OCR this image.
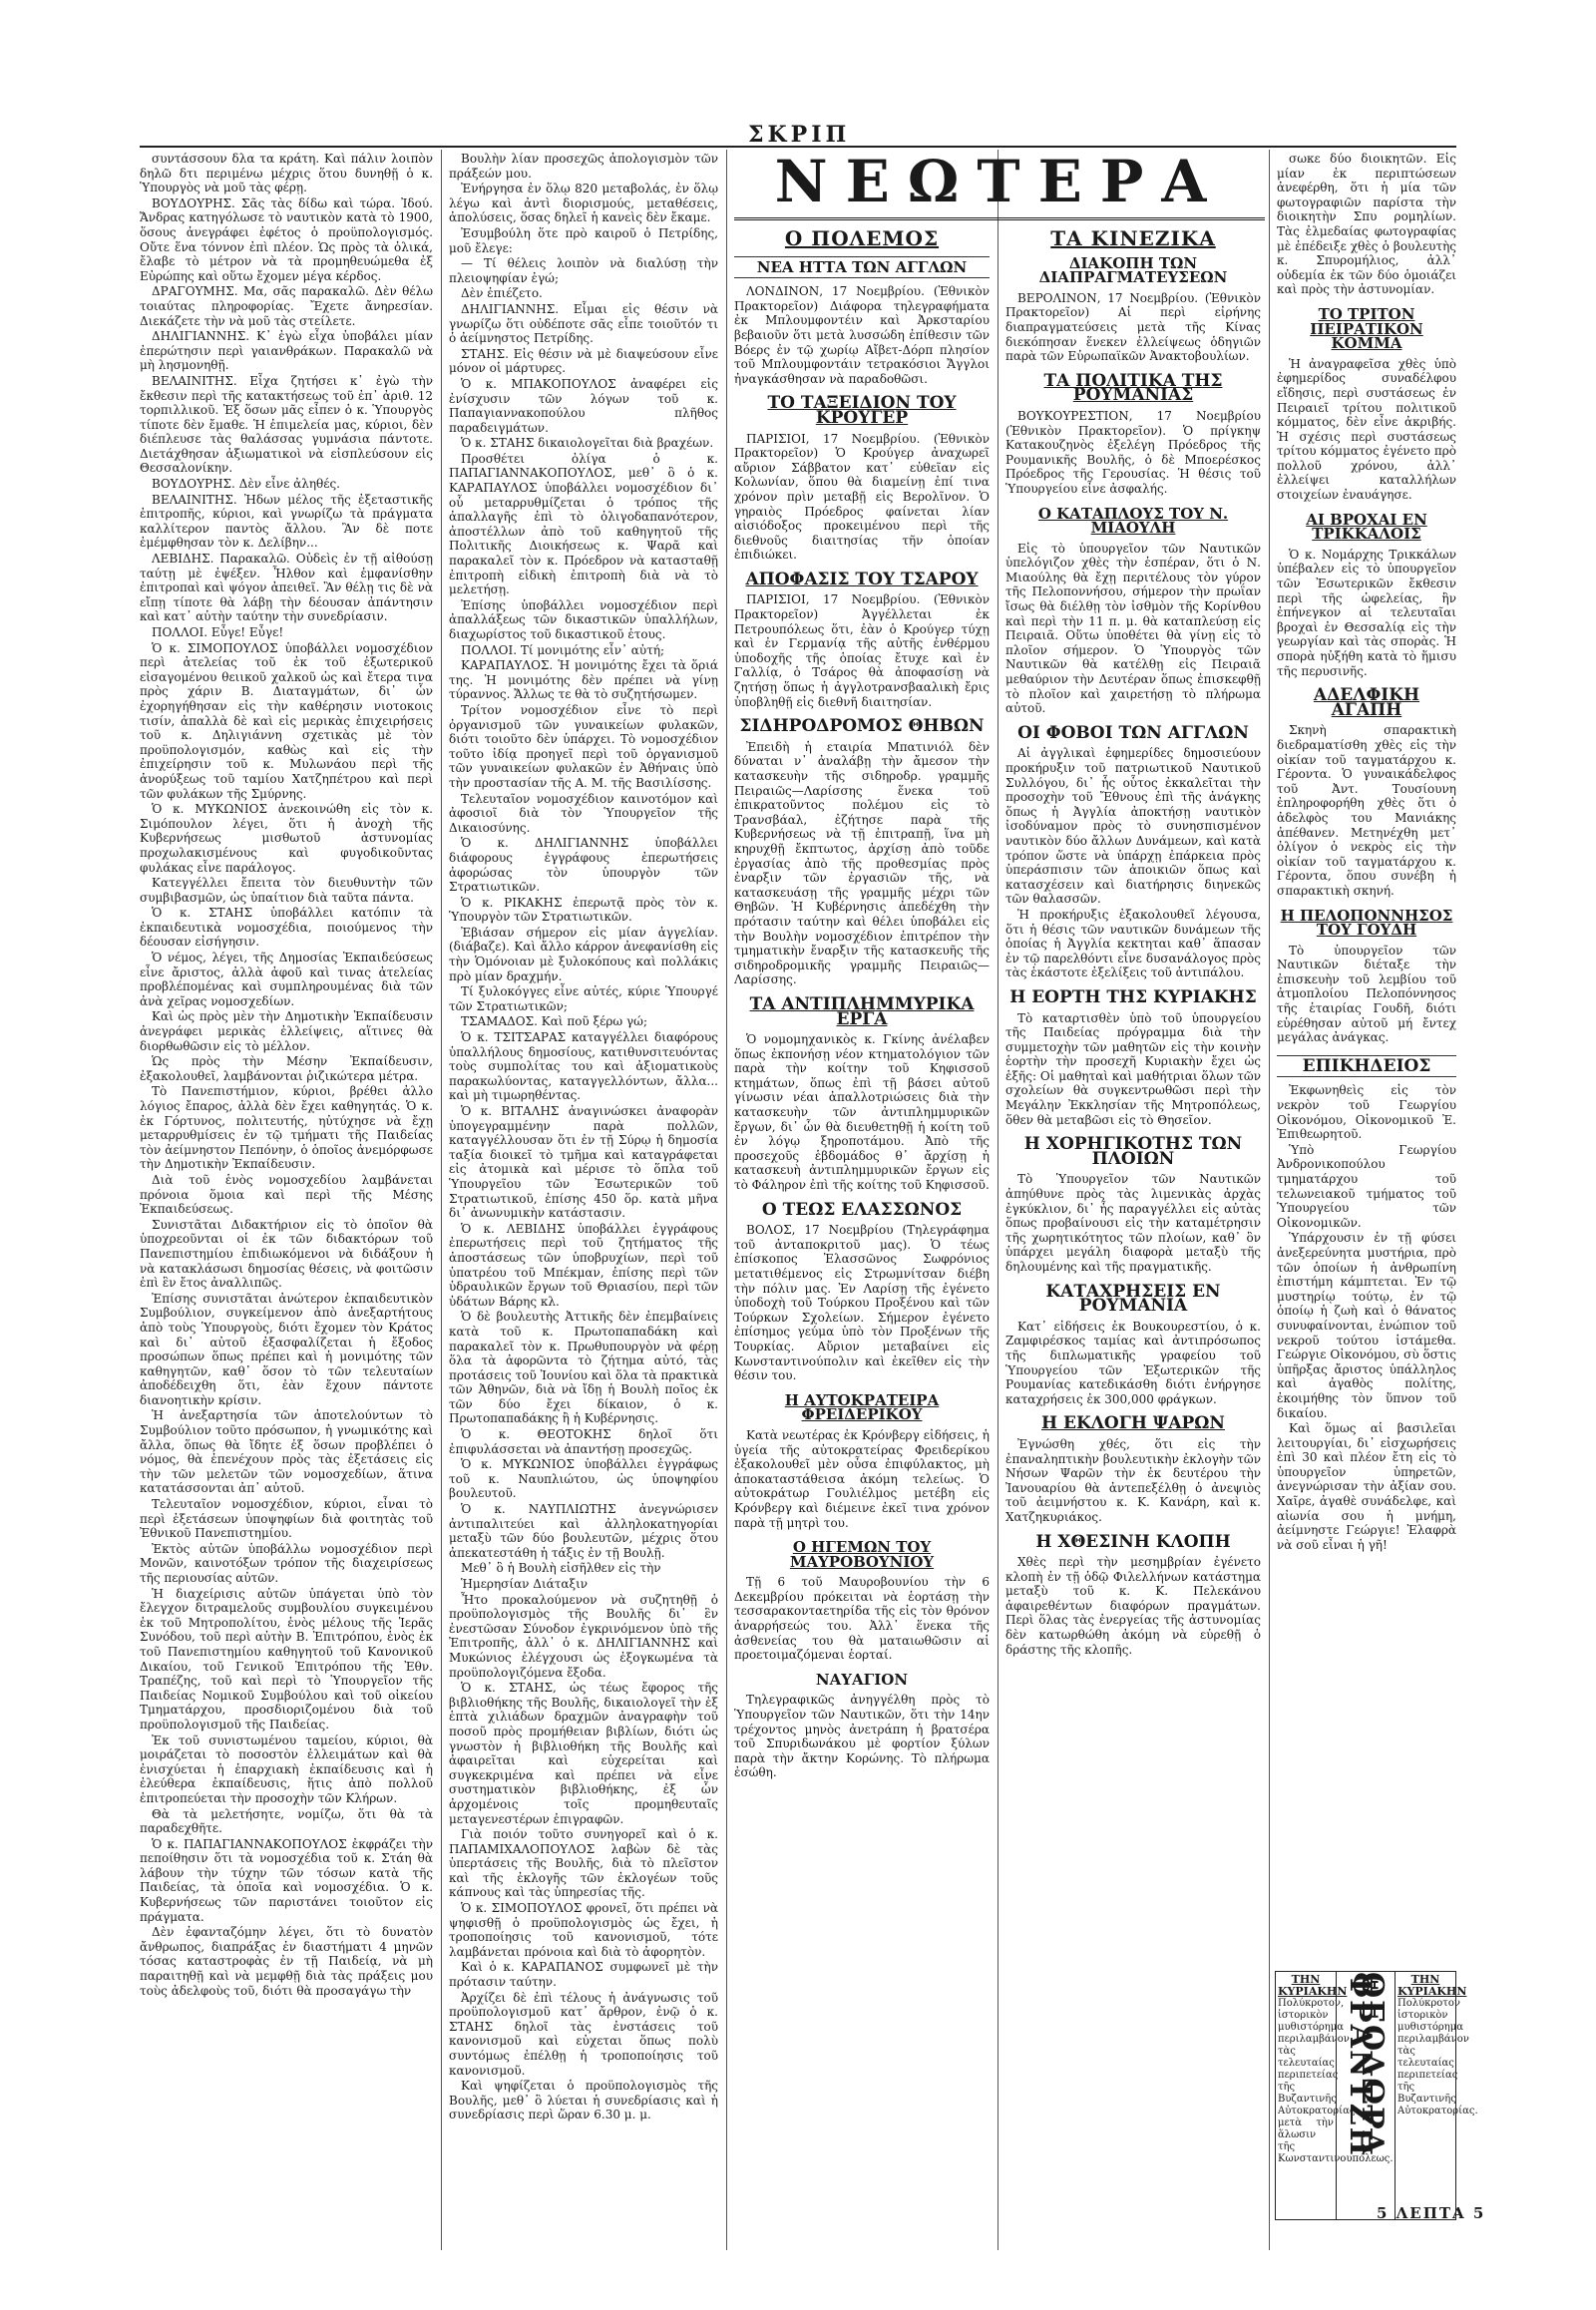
ΣΚΡΙΠ

συντάσσουν δλα τα κράτη. Καὶ πάλιν λοιπὸν δηλῶ δτι περιμένω μέχρις ὅτου δυνηθῇ ὁ κ. Ὑπουργὸς νὰ μοῦ τὰς φέρῃ.

ΒΟΥΔΟΥΡΗΣ. Σᾶς τὰς δίδω καὶ τώρα. Ἰδού. Ἄνδρας κατηγόλωσε τὸ ναυτικὸν κατὰ τὸ 1900, ὅσους ἀνεγράφει ἐφέτος ὁ προϋπολογισμός. Οὔτε ἕνα τόννον ἐπὶ πλέον. Ὡς πρὸς τὰ ὀλικά, ἔλαβε τὸ μέτρον νὰ τὰ προμηθευώμεθα ἐξ Εὐρώπης καὶ οὕτω ἔχομεν μέγα κέρδος.

ΔΡΑΓΟΥΜΗΣ. Μα, σᾶς παρακαλῶ. Δὲν θέλω τοιαύτας πληροφορίας. Ἔχετε ἄνηρεσίαν. Διεκάζετε τὴν νὰ μοῦ τὰς στείλετε.

ΔΗΛΙΓΙΑΝΝΗΣ. Κ᾽ ἐγὼ εἶχα ὑποβάλει μίαν ἐπερώτησιν περὶ γαιανθράκων. Παρακαλῶ νὰ μὴ λησμονηθῇ.

ΒΕΛΑΙΝΙΤΗΣ. Εἶχα ζητήσει κ᾽ ἐγὼ τὴν ἔκθεσιν περὶ τῆς κατακτήσεως τοῦ ἐπ᾽ ἀριθ. 12 τορπιλλικοῦ. Ἐξ ὅσων μᾶς εἶπεν ὁ κ. Ὑπουργὸς τίποτε δὲν ἔμαθε. Ἡ ἐπιμελεία μας, κύριοι, δὲν διέπλευσε τὰς θαλάσσας γυμνάσια πάντοτε. Διετάχθησαν ἀξιωματικοὶ νὰ εἰσπλεύσουν εἰς Θεσσαλονίκην.

ΒΟΥΔΟΥΡΗΣ. Δὲν εἶνε ἀληθές.

ΒΕΛΑΙΝΙΤΗΣ. Ἠδων μέλος τῆς ἐξεταστικῆς ἐπιτροπῆς, κύριοι, καὶ γνωρίζω τὰ πράγματα καλλίτερον παντὸς ἄλλου. Ἂν δὲ ποτε ἐμέμφθησαν τὸν κ. Δελίβην...

ΛΕΒΙΔΗΣ. Παρακαλῶ. Οὐδεὶς ἐν τῇ αἰθούσῃ ταύτῃ μὲ ἐψέξεν. Ἦλθον καὶ ἐμφανίσθην ἐπιτροπαὶ καὶ ψόγον ἀπειθεῖ. Ἂν θέλῃ τις δὲ νὰ εἴπῃ τίποτε θὰ λάβῃ τὴν δέουσαν ἀπάντησιν καὶ κατ᾽ αὐτὴν ταύτην τὴν συνεδρίασιν.

ΠΟΛΛΟΙ. Εὖγε! Εὖγε!

Ὁ κ. ΣΙΜΟΠΟΥΛΟΣ ὑποβάλλει νομοσχέδιον περὶ ἀτελείας τοῦ ἐκ τοῦ ἐξωτερικοῦ εἰσαγομένου θειικοῦ χαλκοῦ ὡς καὶ ἔτερα τινα πρὸς χάριν Β. Διαταγμάτων, δι᾽ ὧν ἐχορηγήθησαν εἰς τὴν καθέρησιν νιοτοκοις τισίν, ἀπαλλὰ δὲ καὶ εἰς μερικὰς ἐπιχειρήσεις τοῦ κ. Δηλιγιάννη σχετικὰς μὲ τὸν προϋπολογισμόν, καθὼς καὶ εἰς τὴν ἐπιχείρησιν τοῦ κ. Μυλωνάου περὶ τῆς ἀνορύξεως τοῦ ταμίου Χατζηπέτρου καὶ περὶ τῶν φυλάκων τῆς Σμύρνης.

Ὁ κ. ΜΥΚΩΝΙΟΣ ἀνεκοινώθη εἰς τὸν κ. Σιμόπουλον λέγει, ὅτι ἡ ἀνοχὴ τῆς Κυβερνήσεως μισθωτοῦ ἀστυνομίας προχωλακισμένους καὶ φυγοδικοῦντας φυλάκας εἶνε παράλογος.

Κατεγγέλλει ἔπειτα τὸν διευθυντὴν τῶν συμβιβασμῶν, ὡς ὑπαίτιον διὰ ταῦτα πάντα.

Ὁ κ. ΣΤΑΗΣ ὑποβάλλει κατόπιν τὰ ἐκπαιδευτικὰ νομοσχέδια, ποιούμενος τὴν δέουσαν εἰσήγησιν.

Ὁ νέμος, λέγει, τῆς Δημοσίας Ἐκπαιδεύσεως εἶνε ἄριστος, ἀλλὰ ἀφοῦ καὶ τινας ἀτελείας προβλέπομένας καὶ συμπληρουμένας διὰ τῶν ἀνὰ χεῖρας νομοσχεδίων.

Καὶ ὡς πρὸς μὲν τὴν Δημοτικὴν Ἐκπαίδευσιν ἀνεγράφει μερικὰς ἐλλείψεις, αἵτινες θὰ διορθωθῶσιν εἰς τὸ μέλλον.

Ὡς πρὸς τὴν Μέσην Ἐκπαίδευσιν, ἐξακολουθεῖ, λαμβάνονται ῥιζικώτερα μέτρα.

Τὸ Πανεπιστήμιον, κύριοι, βρέθει ἀλλο λόγιος ἔπαρος, ἀλλὰ δὲν ἔχει καθηγητάς. Ὁ κ. ἐκ Γόρτυνος, πολιτευτής, ηὐτύχησε νὰ ἔχῃ μεταρρυθμίσεις ἐν τῷ τμήματι τῆς Παιδείας τὸν ἀείμνηστον Πεπόνην, ὁ ὁποῖος ἀνεμόρφωσε τὴν Δημοτικὴν Ἐκπαίδευσιν.

Διὰ τοῦ ἑνὸς νομοσχεδίου λαμβάνεται πρόνοια ὅμοια καὶ περὶ τῆς Μέσης Ἐκπαιδεύσεως.

Συνιστᾶται Διδακτήριον εἰς τὸ ὁποῖον θὰ ὑποχρεοῦνται οἱ ἐκ τῶν διδακτόρων τοῦ Πανεπιστημίου ἐπιδιωκόμενοι νὰ διδάξουν ἡ νὰ κατακλάσωσι δημοσίας θέσεις, νὰ φοιτῶσιν ἐπὶ ἓν ἔτος ἀναλλιπῶς.

Ἐπίσης συνιστᾶται ἀνώτερον ἐκπαιδευτικὸν Συμβούλιον, συγκείμενον ἀπὸ ἀνεξαρτήτους ἀπὸ τοὺς Ὑπουργοὺς, διότι ἔχομεν τὸν Κράτος καὶ δι᾽ αὐτοῦ ἐξασφαλίζεται ἡ ἔξοδος προσώπων ὅπως πρέπει καὶ ἡ μονιμότης τῶν καθηγητῶν, καθ᾽ ὅσον τὸ τῶν τελευταίων ἀποδέδειχθη ὅτι, ἐὰν ἔχουν πάντοτε διανοητικὴν κρίσιν.

Ἡ ἀνεξαρτησία τῶν ἀποτελούντων τὸ Συμβούλιον τοῦτο πρόσωπον, ἡ γνωμικότης καὶ ἄλλα, ὅπως θὰ ἴδητε ἐξ ὅσων προβλέπει ὁ νόμος, θὰ ἐπενέχουν πρὸς τὰς ἐξετάσεις εἰς τὴν τῶν μελετῶν τῶν νομοσχεδίων, ἅτινα κατατάσσονται ἀπ᾽ αὐτοῦ.

Τελευταῖον νομοσχέδιον, κύριοι, εἶναι τὸ περὶ ἐξετάσεων ὑποψηφίων διὰ φοιτητὰς τοῦ Ἐθνικοῦ Πανεπιστημίου.

Ἐκτὸς αὐτῶν ὑποβάλλω νομοσχέδιον περὶ Μονῶν, καινοτόξων τρόπον τῆς διαχειρίσεως τῆς περιουσίας αὐτῶν.

Ἡ διαχείρισις αὐτῶν ὑπάγεται ὑπὸ τὸν ἔλεγχον διτραμελοῦς συμβουλίου συγκειμένου ἐκ τοῦ Μητροπολίτου, ἑνὸς μέλους τῆς Ἱερᾶς Συνόδου, τοῦ περὶ αὐτὴν Β. Ἐπιτρόπου, ἑνὸς ἐκ τοῦ Πανεπιστημίου καθηγητοῦ τοῦ Κανονικοῦ Δικαίου, τοῦ Γενικοῦ Ἐπιτρόπου τῆς Ἐθν. Τραπέζης, τοῦ καὶ περὶ τὸ Ὑπουργεῖον τῆς Παιδείας Νομικοῦ Συμβούλου καὶ τοῦ οἰκείου Τμηματάρχου, προσδιοριζομένου διὰ τοῦ προϋπολογισμοῦ τῆς Παιδείας.

Ἐκ τοῦ συνιστωμένου ταμείου, κύριοι, θὰ μοιράζεται τὸ ποσοστὸν ἐλλειμάτων καὶ θὰ ἐνισχύεται ἡ ἐπαρχιακὴ ἐκπαίδευσις καὶ ἡ ἐλεύθερα ἐκπαίδευσις, ἥτις ἀπὸ πολλοῦ ἐπιτροπεύεται τὴν προσοχὴν τῶν Κλήρων.

Θὰ τὰ μελετήσητε, νομίζω, ὅτι θὰ τὰ παραδεχθῆτε.

Ὁ κ. ΠΑΠΑΓΙΑΝΝΑΚΟΠΟΥΛΟΣ ἐκφράζει τὴν πεποίθησιν ὅτι τὰ νομοσχέδια τοῦ κ. Στάη θὰ λάβουν τὴν τύχην τῶν τόσων κατὰ τῆς Παιδείας, τὰ ὁποῖα καὶ νομοσχέδια. Ὁ κ. Κυβερνήσεως τῶν παριστάνει τοιοῦτον εἰς πράγματα.

Δὲν ἐφανταζόμην λέγει, ὅτι τὸ δυνατὸν ἄνθρωπος, διαπράξας ἐν διαστήματι 4 μηνῶν τόσας καταστροφὰς ἐν τῇ Παιδείᾳ, νὰ μὴ παραιτηθῇ καὶ νὰ μεμφθῇ διὰ τὰς πράξεις μου τοὺς ἀδελφοὺς τοῦ, διότι θὰ προσαγάγω τὴν

Βουλὴν λίαν προσεχῶς ἀπολογισμὸν τῶν πράξεών μου.

Ἐνήργησα ἐν ὅλῳ 820 μεταβολάς, ἐν ὅλῳ λέγω καὶ ἀντὶ διορισμούς, μεταθέσεις, ἀπολύσεις, ὅσας δηλεῖ ἡ κανεὶς δὲν ἔκαμε.

Ἐσυμβούλη ὅτε πρὸ καιροῦ ὁ Πετρίδης, μοῦ ἔλεγε:

— Τί θέλεις λοιπὸν νὰ διαλύσῃ τὴν πλειοψηφίαν ἐγώ;

Δὲν ἐπιέζετο.

ΔΗΛΙΓΙΑΝΝΗΣ. Εἶμαι εἰς θέσιν νὰ γνωρίζω ὅτι οὐδέποτε σᾶς εἶπε τοιοῦτόν τι ὁ ἀείμνηστος Πετρίδης.

ΣΤΑΗΣ. Εἰς θέσιν νὰ μὲ διαψεύσουν εἶνε μόνον οἱ μάρτυρες.

Ὁ κ. ΜΠΑΚΟΠΟΥΛΟΣ ἀναφέρει εἰς ἐνίσχυσιν τῶν λόγων τοῦ κ. Παπαγιαννακοπούλου πλῆθος παραδειγμάτων.

Ὁ κ. ΣΤΑΗΣ δικαιολογεῖται διὰ βραχέων.

Προσθέτει ὀλίγα ὁ κ. ΠΑΠΑΓΙΑΝΝΑΚΟΠΟΥΛΟΣ, μεθ᾽ ὃ ὁ κ. ΚΑΡΑΠΑΥΛΟΣ ὑποβάλλει νομοσχέδιον δι᾽ οὗ μεταρρυθμίζεται ὁ τρόπος τῆς ἀπαλλαγῆς ἐπὶ τὸ ὀλιγοδαπανότερον, ἀποστέλλων ἀπὸ τοῦ καθηγητοῦ τῆς Πολιτικῆς Διοικήσεως κ. Ψαρᾶ καὶ παρακαλεῖ τὸν κ. Πρόεδρον νὰ κατασταθῇ ἐπιτροπὴ εἰδικὴ ἐπιτροπὴ διὰ νὰ τὸ μελετήσῃ.

Ἐπίσης ὑποβάλλει νομοσχέδιον περὶ ἀπαλλάξεως τῶν δικαστικῶν ὑπαλλήλων, διαχωρίστος τοῦ δικαστικοῦ ἐτους.

ΠΟΛΛΟΙ. Τί μονιμότης εἶν᾽ αὐτή;

ΚΑΡΑΠΑΥΛΟΣ. Ἡ μονιμότης ἔχει τὰ ὅριά της. Ἡ μονιμότης δὲν πρέπει νὰ γίνῃ τύραννος. Ἄλλως τε θὰ τὸ συζητήσωμεν.

Τρίτον νομοσχέδιον εἶνε τὸ περὶ ὀργανισμοῦ τῶν γυναικείων φυλακῶν, διότι τοιοῦτο δὲν ὑπάρχει. Τὸ νομοσχέδιον τοῦτο ἰδίᾳ προηγεῖ περὶ τοῦ ὀργανισμοῦ τῶν γυναικείων φυλακῶν ἐν Ἀθήναις ὑπὸ τὴν προστασίαν τῆς Α. Μ. τῆς Βασιλίσσης.

Τελευταῖον νομοσχέδιον καινοτόμον καὶ ἀφοσιοῖ διὰ τὸν Ὑπουργεῖον τῆς Δικαιοσύνης.

Ὁ κ. ΔΗΛΙΓΙΑΝΝΗΣ ὑποβάλλει διάφορους ἐγγράφους ἐπερωτήσεις ἀφορώσας τὸν ὑπουργὸν τῶν Στρατιωτικῶν.

Ὁ κ. ΡΙΚΑΚΗΣ ἐπερωτᾷ πρὸς τὸν κ. Ὑπουργὸν τῶν Στρατιωτικῶν.

Ἐβιάσαν σήμερον εἰς μίαν ἀγγελίαν. (διάβαζε). Καὶ ἄλλο κάρρον ἀνεφανίσθη εἰς τὴν Ὁμόνοιαν μὲ ξυλοκόπους καὶ πολλάκις πρὸ μίαν δραχμήν.

Τί ξυλοκόγγες εἶνε αὐτές, κύριε Ὑπουργέ τῶν Στρατιωτικῶν;

ΤΣΑΜΑΔΟΣ. Καὶ ποῦ ξέρω γώ;

Ὁ κ. ΤΣΙΤΣΑΡΑΣ καταγγέλλει διαφόρους ὑπαλλήλους δημοσίους, κατιθυνσιτευόντας τοὺς συμπολίτας του καὶ ἀξιοματικοὺς παρακωλύοντας, καταγγελλόντων, ἄλλα... καὶ μὴ τιμωρηθέντας.

Ὁ κ. ΒΙΤΑΛΗΣ ἀναγινώσκει ἀναφορὰν ὑπογεγραμμένην παρὰ πολλῶν, καταγγέλλουσαν ὅτι ἐν τῇ Σύρῳ ἡ δημοσία ταξία διοικεῖ τὸ τμῆμα καὶ καταγράφεται εἰς ἀτομικὰ καὶ μέρισε τὸ ὅπλα τοῦ Ὑπουργεῖου τῶν Ἐσωτερικῶν τοῦ Στρατιωτικοῦ, ἐπίσης 450 ὅρ. κατὰ μῆνα δι᾽ ἀνωνυμικὴν κατάστασιν.

Ὁ κ. ΛΕΒΙΔΗΣ ὑποβάλλει ἐγγράφους ἐπερωτήσεις περὶ τοῦ ζητήματος τῆς ἀποστάσεως τῶν ὑποβρυχίων, περὶ τοῦ ὑπατρέου τοῦ Μπέκμαν, ἐπίσης περὶ τῶν ὑδραυλικῶν ἔργων τοῦ Θριασίου, περὶ τῶν ὑδάτων Βάρης κλ.

Ὁ δὲ βουλευτὴς Ἀττικῆς δὲν ἐπεμβαίνεις κατὰ τοῦ κ. Πρωτοπαπαδάκη καὶ παρακαλεῖ τὸν κ. Πρωθυπουργὸν νὰ φέρῃ ὅλα τὰ ἀφορῶντα τὸ ζήτημα αὐτό, τὰς προτάσεις τοῦ Ἰουνίου καὶ ὅλα τὰ πρακτικὰ τῶν Ἀθηνῶν, διὰ νὰ ἴδῃ ἡ Βουλὴ ποῖος ἐκ τῶν δύο ἔχει δίκαιον, ὁ κ. Πρωτοπαπαδάκης ἢ ἡ Κυβέρνησις.

Ὁ κ. ΘΕΟΤΟΚΗΣ δηλοῖ ὅτι ἐπιφυλάσσεται νὰ ἀπαντήσῃ προσεχῶς.

Ὁ κ. ΜΥΚΩΝΙΟΣ ὑποβάλλει ἐγγράφως τοῦ κ. Ναυπλιώτου, ὡς ὑποψηφίου βουλευτοῦ.

Ὁ κ. ΝΑΥΠΛΙΩΤΗΣ ἀνεγνώρισεν ἀντιπαλιτεύει καὶ ἀλληλοκατηγορίαι μεταξὺ τῶν δύο βουλευτῶν, μέχρις ὅτου ἀπεκατεστάθη ἡ τάξις ἐν τῇ Βουλῇ.

Μεθ᾽ ὃ ἡ Βουλὴ εἰσῆλθεν εἰς τὴν

Ἡμερησίαν Διάταξιν

Ἦτο προκαλούμενον νὰ συζητηθῇ ὁ προϋπολογισμὸς τῆς Βουλῆς δι᾽ ἓν ἐνεστῶσαν Σύνοδον ἐγκρινόμενον ὑπὸ τῆς Ἐπιτροπῆς, ἀλλ᾽ ὁ κ. ΔΗΛΙΓΙΑΝΝΗΣ καὶ Μυκώνιος ἐλέγχουσι ὡς ἐξογκωμένα τὰ προϋπολογιζόμενα ἔξοδα.

Ὁ κ. ΣΤΑΗΣ, ὡς τέως ἔφορος τῆς βιβλιοθήκης τῆς Βουλῆς, δικαιολογεῖ τὴν ἐξ ἑπτὰ χιλιάδων δραχμῶν ἀναγραφὴν τοῦ ποσοῦ πρὸς προμήθειαν βιβλίων, διότι ὡς γνωστὸν ἡ βιβλιοθήκη τῆς Βουλῆς καὶ ἀφαιρεῖται καὶ εὑχερείται καὶ συγκεκριμένα καὶ πρέπει νὰ εἶνε συστηματικὸν βιβλιοθήκης, ἐξ ὧν ἀρχομένοις τοῖς προμηθευταῖς μεταγενεστέρων ἐπιγραφῶν.

Γιὰ ποιόν τοῦτο συνηγορεῖ καὶ ὁ κ. ΠΑΠΑΜΙΧΑΛΟΠΟΥΛΟΣ λαβὼν δὲ τὰς ὑπερτάσεις τῆς Βουλῆς, διὰ τὸ πλεῖστον καὶ τῆς ἐκλογῆς τῶν ἐκλογέων τοῦς κάπνους καὶ τὰς ὑπηρεσίας τῆς.

Ὁ κ. ΣΙΜΟΠΟΥΛΟΣ φρονεῖ, ὅτι πρέπει νὰ ψηφισθῇ ὁ προϋπολογισμὸς ὡς ἔχει, ἡ τροποποίησις τοῦ κανονισμοῦ, τότε λαμβάνεται πρόνοια καὶ διὰ τὸ ἀφορητὸν.

Καὶ ὁ κ. ΚΑΡΑΠΑΝΟΣ συμφωνεῖ μὲ τὴν πρότασιν ταύτην.

Ἀρχίζει δὲ ἐπὶ τέλους ἡ ἀνάγνωσις τοῦ προϋπολογισμοῦ κατ᾽ ἄρθρον, ἐνῷ ὁ κ. ΣΤΑΗΣ δηλοῖ τὰς ἐνστάσεις τοῦ κανονισμοῦ καὶ εὐχεται ὅπως πολὺ συντόμως ἐπέλθῃ ἡ τροποποίησις τοῦ κανονισμοῦ.

Καὶ ψηφίζεται ὁ προϋπολογισμὸς τῆς Βουλῆς, μεθ᾽ ὃ λύεται ἡ συνεδρίασις καὶ ἡ συνεδρίασις περὶ ὥραν 6.30 μ. μ.

ΝΕΩΤΕΡΑ
Ο ΠΟΛΕΜΟΣ
ΝΕΑ ΗΤΤΑ ΤΩΝ ΑΓΓΛΩΝ

ΛΟΝΔΙΝΟΝ, 17 Νοεμβρίου. (Ἐθνικὸν Πρακτορεῖον) Διάφορα τηλεγραφήματα ἐκ Μπλουμφοντέιν καὶ Ἀρκσταρίου βεβαιοῦν ὅτι μετὰ λυσσώδη ἐπίθεσιν τῶν Βόερς ἐν τῷ χωρίῳ Αἴβετ-Δόρπ πλησίον τοῦ Μπλουμφοντάιν τετρακόσιοι Ἄγγλοι ἠναγκάσθησαν νὰ παραδοθῶσι.

ΤΟ ΤΑΞΕΙΔΙΟΝ ΤΟΥ ΚΡΟΥΓΕΡ

ΠΑΡΙΣΙΟΙ, 17 Νοεμβρίου. (Ἐθνικὸν Πρακτορεῖον) Ὁ Κρούγερ ἀναχωρεῖ αὔριον Σάββατον κατ᾽ εὐθεῖαν εἰς Κολωνίαν, ὅπου θὰ διαμείνῃ ἐπί τινα χρόνον πρὶν μεταβῇ εἰς Βερολῖνον. Ὁ γηραιὸς Πρόεδρος φαίνεται λίαν αἰσιόδοξος προκειμένου περὶ τῆς διεθνοῦς διαιτησίας τῆν ὁποίαν ἐπιδιώκει.

ΑΠΟΦΑΣΙΣ ΤΟΥ ΤΣΑΡΟΥ

ΠΑΡΙΣΙΟΙ, 17 Νοεμβρίου. (Ἐθνικὸν Πρακτορεῖον) Ἀγγέλλεται ἐκ Πετρουπόλεως ὅτι, ἐὰν ὁ Κρούγερ τύχῃ καὶ ἐν Γερμανίᾳ τῆς αὐτῆς ἐνθέρμου ὑποδοχῆς τῆς ὁποίας ἔτυχε καὶ ἐν Γαλλίᾳ, ὁ Τσάρος θὰ ἀποφασίσῃ νὰ ζητήσῃ ὅπως ἡ ἀγγλοτρανσβααλικὴ ἔρις ὑποβληθῇ εἰς διεθνῆ διαιτησίαν.

ΣΙΔΗΡΟΔΡΟΜΟΣ ΘΗΒΩΝ

Ἐπειδὴ ἡ εταιρία Μπατινιόλ δὲν δύναται ν᾽ ἀναλάβῃ τὴν ἄμεσον τὴν κατασκευὴν τῆς σιδηροδρ. γραμμῆς Πειραιῶς—Λαρίσσης ἕνεκα τοῦ ἐπικρατοῦντος πολέμου εἰς τὸ Τρανσβάαλ, ἐζήτησε παρὰ τῆς Κυβερνήσεως νὰ τῇ ἐπιτραπῇ, ἵνα μὴ κηρυχθῇ ἔκπτωτος, ἀρχίσῃ ἀπὸ τοῦδε ἐργασίας ἀπὸ τῆς προθεσμίας πρὸς ἐναρξιν τῶν ἐργασιῶν τῆς, νὰ κατασκευάσῃ τῆς γραμμῆς μέχρι τῶν Θηβῶν. Ἡ Κυβέρνησις ἀπεδέχθη τὴν πρότασιν ταύτην καὶ θέλει ὑποβάλει εἰς τὴν Βουλὴν νομοσχέδιον ἐπιτρέπον τὴν τμηματικὴν ἔναρξιν τῆς κατασκευῆς τῆς σιδηροδρομικῆς γραμμῆς Πειραιῶς—Λαρίσσης.

ΤΑ ΑΝΤΙΠΛΗΜΜΥΡΙΚΑ ΕΡΓΑ

Ὁ νομομηχανικὸς κ. Γκίνης ἀνέλαβεν ὅπως ἐκπονήσῃ νέον κτηματολόγιον τῶν παρὰ τὴν κοίτην τοῦ Κηφισσοῦ κτημάτων, ὅπως ἐπὶ τῇ βάσει αὐτοῦ γίνωσιν νέαι ἀπαλλοτριώσεις διὰ τὴν κατασκευὴν τῶν ἀντιπλημμυρικῶν ἔργων, δι᾽ ὧν θὰ διευθετηθῇ ἡ κοίτη τοῦ ἐν λόγῳ ξηροποτάμου. Ἀπὸ τῆς προσεχοῦς ἑβδομάδος θ᾽ ἄρχίσῃ ἡ κατασκευὴ ἀντιπλημμυρικῶν ἔργων εἰς τὸ Φάληρον ἐπὶ τῆς κοίτης τοῦ Κηφισσοῦ.

Ο ΤΕΩΣ ΕΛΑΣΣΩΝΟΣ

ΒΟΛΟΣ, 17 Νοεμβρίου (Τηλεγράφημα τοῦ ἀνταποκριτοῦ μας). Ὁ τέως ἐπίσκοπος Ἐλασσῶνος Σωφρόνιος μετατιθέμενος εἰς Στρωμνίτσαν διέβη τὴν πόλιν μας. Ἐν Λαρίσῃ τῆς ἐγένετο ὑποδοχὴ τοῦ Τούρκου Προξένου καὶ τῶν Τούρκων Σχολείων. Σήμερον ἐγένετο ἐπίσημος γεύμα ὑπὸ τὸν Προξένων τῆς Τουρκίας. Αὔριον μεταβαίνει εἰς Κωνσταντινούπολιν καὶ ἐκεῖθεν εἰς τὴν θέσιν του.

Η ΑΥΤΟΚΡΑΤΕΙΡΑ ΦΡΕΙΔΕΡΙΚΟΥ

Κατὰ νεωτέρας ἐκ Κρόνβεργ εἰδήσεις, ἡ ὑγεία τῆς αὐτοκρατείρας Φρειδερίκου ἐξακολουθεῖ μὲν οὖσα ἐπιφύλακτος, μὴ ἀποκαταστάθεισα ἀκόμη τελείως. Ὁ αὐτοκράτωρ Γουλιέλμος μετέβη εἰς Κρόνβεργ καὶ διέμεινε ἐκεῖ τινα χρόνον παρὰ τῇ μητρὶ του.

Ο ΗΓΕΜΩΝ ΤΟΥ ΜΑΥΡΟΒΟΥΝΙΟΥ

Τῇ 6 τοῦ Μαυροβουνίου τὴν 6 Δεκεμβρίου πρόκειται νὰ ἑορτάσῃ τὴν τεσσαρακονταετηρίδα τῆς εἰς τὸν θρόνον ἀναρρήσεώς του. Ἀλλ᾽ ἕνεκα τῆς ἀσθενείας του θὰ ματαιωθῶσιν αἱ προετοιμαζόμεναι ἑορταί.

ΝΑΥΑΓΙΟΝ

Τηλεγραφικῶς ἀνηγγέλθη πρὸς τὸ Ὑπουργεῖον τῶν Ναυτικῶν, ὅτι τὴν 14ην τρέχοντος μηνὸς ἀνετράπη ἡ βρατσέρα τοῦ Σπυριδωνάκου μὲ φορτίον ξύλων παρὰ τὴν ἄκτην Κορώνης. Τὸ πλήρωμα ἐσώθη.

ΤΑ ΚΙΝΕΖΙΚΑ
ΔΙΑΚΟΠΗ ΤΩΝ ΔΙΑΠΡΑΓΜΑΤΕΥΣΕΩΝ

ΒΕΡΟΛΙΝΟΝ, 17 Νοεμβρίου. (Ἐθνικὸν Πρακτορεῖον) Αἱ περὶ εἰρήνης διαπραγματεύσεις μετὰ τῆς Κίνας διεκόπησαν ἕνεκεν ἐλλείψεως ὁδηγιῶν παρὰ τῶν Εὐρωπαϊκῶν Ἀνακτοβουλίων.

ΤΑ ΠΟΛΙΤΙΚΑ ΤΗΣ ΡΟΥΜΑΝΙΑΣ

ΒΟΥΚΟΥΡΕΣΤΙΟΝ, 17 Νοεμβρίου (Ἐθνικὸν Πρακτορεῖον). Ὁ πρίγκηψ Κατακουζηνὸς ἐξελέγη Πρόεδρος τῆς Ρουμανικῆς Βουλῆς, ὁ δὲ Μποερέσκος Πρόεδρος τῆς Γερουσίας. Ἡ θέσις τοῦ Ὑπουργείου εἶνε ἀσφαλής.

Ο ΚΑΤΑΠΛΟΥΣ ΤΟΥ Ν. ΜΙΑΟΥΛΗ

Εἰς τὸ ὑπουργεῖον τῶν Ναυτικῶν ὑπελόγιζον χθὲς τὴν ἑσπέραν, ὅτι ὁ Ν. Μιαούλης θὰ ἔχῃ περιτέλους τὸν γύρον τῆς Πελοποννήσου, σήμερον τὴν πρωΐαν ἴσως θὰ διέλθῃ τὸν ἰσθμὸν τῆς Κορίνθου καὶ περὶ τὴν 11 π. μ. θὰ καταπλεύσῃ εἰς Πειραιᾶ. Οὕτω ὑποθέτει θὰ γίνῃ εἰς τὸ πλοῖον σήμερον. Ὁ Ὑπουργὸς τῶν Ναυτικῶν θὰ κατέλθῃ εἰς Πειραιᾶ μεθαύριον τὴν Δευτέραν ὅπως ἐπισκεφθῇ τὸ πλοῖον καὶ χαιρετήσῃ τὸ πλήρωμα αὐτοῦ.

ΟΙ ΦΟΒΟΙ ΤΩΝ ΑΓΓΛΩΝ

Αἱ ἀγγλικαὶ ἐφημερίδες δημοσιεύουν προκήρυξιν τοῦ πατριωτικοῦ Ναυτικοῦ Συλλόγου, δι᾽ ἧς οὗτος ἐκκαλεῖται τὴν προσοχὴν τοῦ Ἔθνους ἐπὶ τῆς ἀνάγκης ὅπως ἡ Ἀγγλία ἀποκτήσῃ ναυτικὸν ἰσοδύναμον πρὸς τὸ συνησπισμένον ναυτικὸν δύο ἄλλων Δυνάμεων, καὶ κατὰ τρόπον ὥστε νὰ ὑπάρχῃ ἐπάρκεια πρὸς ὑπεράσπισιν τῶν ἀποικιῶν ὅπως καὶ κατασχέσειν καὶ διατήρησις διηνεκῶς τῶν θαλασσῶν.

Ἡ προκήρυξις ἐξακολουθεῖ λέγουσα, ὅτι ἡ θέσις τῶν ναυτικῶν δυνάμεων τῆς ὁποίας ἡ Ἀγγλία κεκτηται καθ᾽ ἅπασαν ἐν τῷ παρελθόντι εἶνε δυσανάλογος πρὸς τὰς ἑκάστοτε ἐξελίξεις τοῦ ἀντιπάλου.

Η ΕΟΡΤΗ ΤΗΣ ΚΥΡΙΑΚΗΣ

Τὸ καταρτισθὲν ὑπὸ τοῦ ὑπουργείου τῆς Παιδείας πρόγραμμα διὰ τὴν συμμετοχὴν τῶν μαθητῶν εἰς τὴν κοινὴν ἑορτὴν τὴν προσεχῆ Κυριακὴν ἔχει ὡς ἑξῆς: Οἱ μαθηταὶ καὶ μαθήτριαι ὅλων τῶν σχολείων θὰ συγκεντρωθῶσι περὶ τὴν Μεγάλην Ἐκκλησίαν τῆς Μητροπόλεως, ὅθεν θὰ μεταβῶσι εἰς τὸ Θησεῖον.

Η ΧΟΡΗΓΙΚΟΤΗΣ ΤΩΝ ΠΛΟΙΩΝ

Τὸ Ὑπουργεῖον τῶν Ναυτικῶν ἀπηύθυνε πρὸς τὰς λιμενικὰς ἀρχὰς ἐγκύκλιον, δι᾽ ἧς παραγγέλλει εἰς αὐτὰς ὅπως προβαίνουσι εἰς τὴν καταμέτρησιν τῆς χωρητικότητος τῶν πλοίων, καθ᾽ ὃν ὑπάρχει μεγάλη διαφορὰ μεταξὺ τῆς δηλουμένης καὶ τῆς πραγματικῆς.

ΚΑΤΑΧΡΗΣΕΙΣ ΕΝ ΡΟΥΜΑΝΙΑ

Κατ᾽ εἰδήσεις ἐκ Βουκουρεστίου, ὁ κ. Ζαμφιρέσκος ταμίας καὶ ἀντιπρόσωπος τῆς διπλωματικῆς γραφείου τοῦ Ὑπουργείου τῶν Ἐξωτερικῶν τῆς Ρουμανίας κατεδικάσθη διότι ἐνήργησε καταχρήσεις ἐκ 300,000 φράγκων.

Η ΕΚΛΟΓΗ ΨΑΡΩΝ

Ἐγνώσθη χθές, ὅτι εἰς τὴν ἐπαναληπτικὴν βουλευτικὴν ἐκλογὴν τῶν Νήσων Ψαρῶν τὴν ἐκ δευτέρου τὴν Ἰανουαρίου θὰ ἀντεπεξέλθῃ ὁ ἀνεψιὸς τοῦ ἀειμνήστου κ. Κ. Κανάρη, καὶ κ. Χατζηκυριάκος.

Η ΧΘΕΣΙΝΗ ΚΛΟΠΗ

Χθὲς περὶ τὴν μεσημβρίαν ἐγένετο κλοπὴ ἐν τῇ ὁδῷ Φιλελλήνων κατάστημα μεταξὺ τοῦ κ. Κ. Πελεκάνου ἀφαιρεθέντων διαφόρων πραγμάτων. Περὶ ὅλας τὰς ἐνεργείας τῆς ἀστυνομίας δὲν κατωρθώθη ἀκόμη νὰ εὑρεθῇ ὁ δράστης τῆς κλοπῆς.

σωκε δύο διοικητῶν. Εἰς μίαν ἐκ περιπτώσεων ἀνεφέρθη, ὅτι ἡ μία τῶν φωτογραφιῶν παρίστα τὴν διοικητὴν Σπυ ρομηλίων. Τὰς ἐλμεδαίας φωτογραφίας μὲ ἐπέδειξε χθὲς ὁ βουλευτὴς κ. Σπυρομήλιος, ἀλλ᾽ οὐδεμία ἐκ τῶν δύο ὁμοιάζει καὶ πρὸς τὴν ἀστυνομίαν.

ΤΟ ΤΡΙΤΟΝ ΠΕΙΡΑΤΙΚΟΝ ΚΟΜΜΑ

Ἡ ἀναγραφεῖσα χθὲς ὑπὸ ἐφημερίδος συναδέλφου εἴδησις, περὶ συστάσεως ἐν Πειραιεῖ τρίτου πολιτικοῦ κόμματος, δὲν εἶνε ἀκριβής. Ἡ σχέσις περὶ συστάσεως τρίτου κόμματος ἐγένετο πρὸ πολλοῦ χρόνου, ἀλλ᾽ ἐλλείψει καταλλήλων στοιχείων ἐναυάγησε.

ΑΙ ΒΡΟΧΑΙ ΕΝ ΤΡΙΚΚΑΛΟΙΣ

Ὁ κ. Νομάρχης Τρικκάλων ὑπέβαλεν εἰς τὸ ὑπουργεῖον τῶν Ἐσωτερικῶν ἔκθεσιν περὶ τῆς ὠφελείας, ἣν ἐπήνεγκον αἱ τελευταῖαι βροχαὶ ἐν Θεσσαλίᾳ εἰς τὴν γεωργίαν καὶ τὰς σπορὰς. Ἡ σπορὰ ηὐξήθη κατὰ τὸ ἥμισυ τῆς περυσινῆς.

ΑΔΕΛΦΙΚΗ ΑΓΑΠΗ

Σκηνὴ σπαρακτικὴ διεδραματίσθη χθὲς εἰς τὴν οἰκίαν τοῦ ταγματάρχου κ. Γέροντα. Ὁ γυναικάδελφος τοῦ Ἀντ. Τουσίουνη ἐπληροφορήθη χθὲς ὅτι ὁ ἀδελφὸς του Μανιάκης ἀπέθανεν. Μετηνέχθη μετ᾽ ὀλίγον ὁ νεκρὸς εἰς τὴν οἰκίαν τοῦ ταγματάρχου κ. Γέροντα, ὅπου συνέβη ἡ σπαρακτικὴ σκηνή.

Η ΠΕΛΟΠΟΝΝΗΣΟΣ ΤΟΥ ΓΟΥΔΗ

Τὸ ὑπουργεῖον τῶν Ναυτικῶν διέταξε τὴν ἐπισκευὴν τοῦ λεμβίου τοῦ ἀτμοπλοίου Πελοπόννησος τῆς ἑταιρίας Γουδῆ, διότι εὑρέθησαν αὐτοῦ μή ἔντεχ μεγάλας ἀνάγκας.

ΕΠΙΚΗΔΕΙΟΣ

Ἐκφωνηθεὶς εἰς τὸν νεκρὸν τοῦ Γεωργίου Οἰκονόμου, Οἰκονομικοῦ Ἐ. Ἐπιθεωρητοῦ.

Ὑπὸ Γεωργίου Ἀνδρονικοπούλου τμηματάρχου τοῦ τελωνειακοῦ τμήματος τοῦ Ὑπουργείου τῶν Οἰκονομικῶν.

Ὑπάρχουσιν ἐν τῇ φύσει ἀνεξερεύνητα μυστήρια, πρὸ τῶν ὁποίων ἡ ἀνθρωπίνη ἐπιστήμη κάμπτεται. Ἐν τῷ μυστηρίῳ τούτῳ, ἐν τῷ ὁποίῳ ἡ ζωὴ καὶ ὁ θάνατος συνυφαίνονται, ἐνώπιον τοῦ νεκροῦ τούτου ἱστάμεθα. Γεώργιε Οἰκονόμου, σὺ ὅστις ὑπῆρξας ἄριστος ὑπάλληλος καὶ ἀγαθὸς πολίτης, ἐκοιμήθης τὸν ὕπνον τοῦ δικαίου.

Καὶ ὅμως αἱ βασιλεῖαι λειτουργίαι, δι᾽ εἰσχωρήσεις ἐπὶ 30 καὶ πλέον ἔτη εἰς τὸ ὑπουργεῖον ὑπηρετῶν, ἀνεγνώρισαν τὴν ἀξίαν σου. Χαῖρε, ἀγαθὲ συνάδελφε, καὶ αἰωνία σου ἡ μνήμη, ἀείμνηστε Γεώργιε! Ἐλαφρὰ νὰ σοῦ εἶναι ἡ γῆ!

ΤΗΝ ΚΥΡΙΑΚΗΝ
Πολύκροτον, ἱστορικὸν μυθιστόρημα περιλαμβάνον τὰς τελευταίας περιπετείας τῆς Βυζαντινῆς Αὐτοκρατορίας μετὰ τὴν ἅλωσιν τῆς Κωνσταντινουπόλεως.
ΘΕΟΔΩΡΑ ΦΡΑΝΤΖΗ	ΤΗΝ ΚΥΡΙΑΚΗΝ
Πολύκροτον ἱστορικὸν μυθιστόρημα περιλαμβάνον τὰς τελευταίας περιπετείας τῆς Βυζαντινῆς Αὐτοκρατορίας.
5 ΛΕΠΤΑ 5
